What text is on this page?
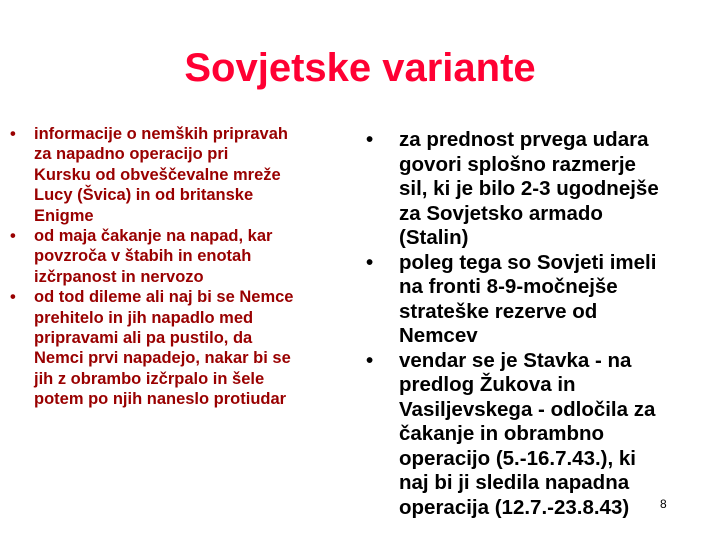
Sovjetske variante
• informacije o nemških pripravah
za napadno operacijo pri
Kursku od obveščevalne mreže
Lucy (Švica) in od britanske
Enigme
• od maja čakanje na napad, kar
povzroča v štabih in enotah
izčrpanost in nervozo
• od tod dileme ali naj bi se Nemce
prehitelo in jih napadlo med
pripravami ali pa pustilo, da
Nemci prvi napadejo, nakar bi se
jih z obrambo izčrpalo in šele
potem po njih naneslo protiudar
• za prednost prvega udara
govori splošno razmerje
sil, ki je bilo 2-3 ugodnejše
za Sovjetsko armado
(Stalin)
• poleg tega so Sovjeti imeli
na fronti 8-9-močnejše
strateške rezerve od
Nemcev
• vendar se je Stavka - na
predlog Žukova in
Vasiljevskega - odločila za
čakanje in obrambno
operacijo (5.-16.7.43.), ki
naj bi ji sledila napadna
operacija (12.7.-23.8.43)	8
